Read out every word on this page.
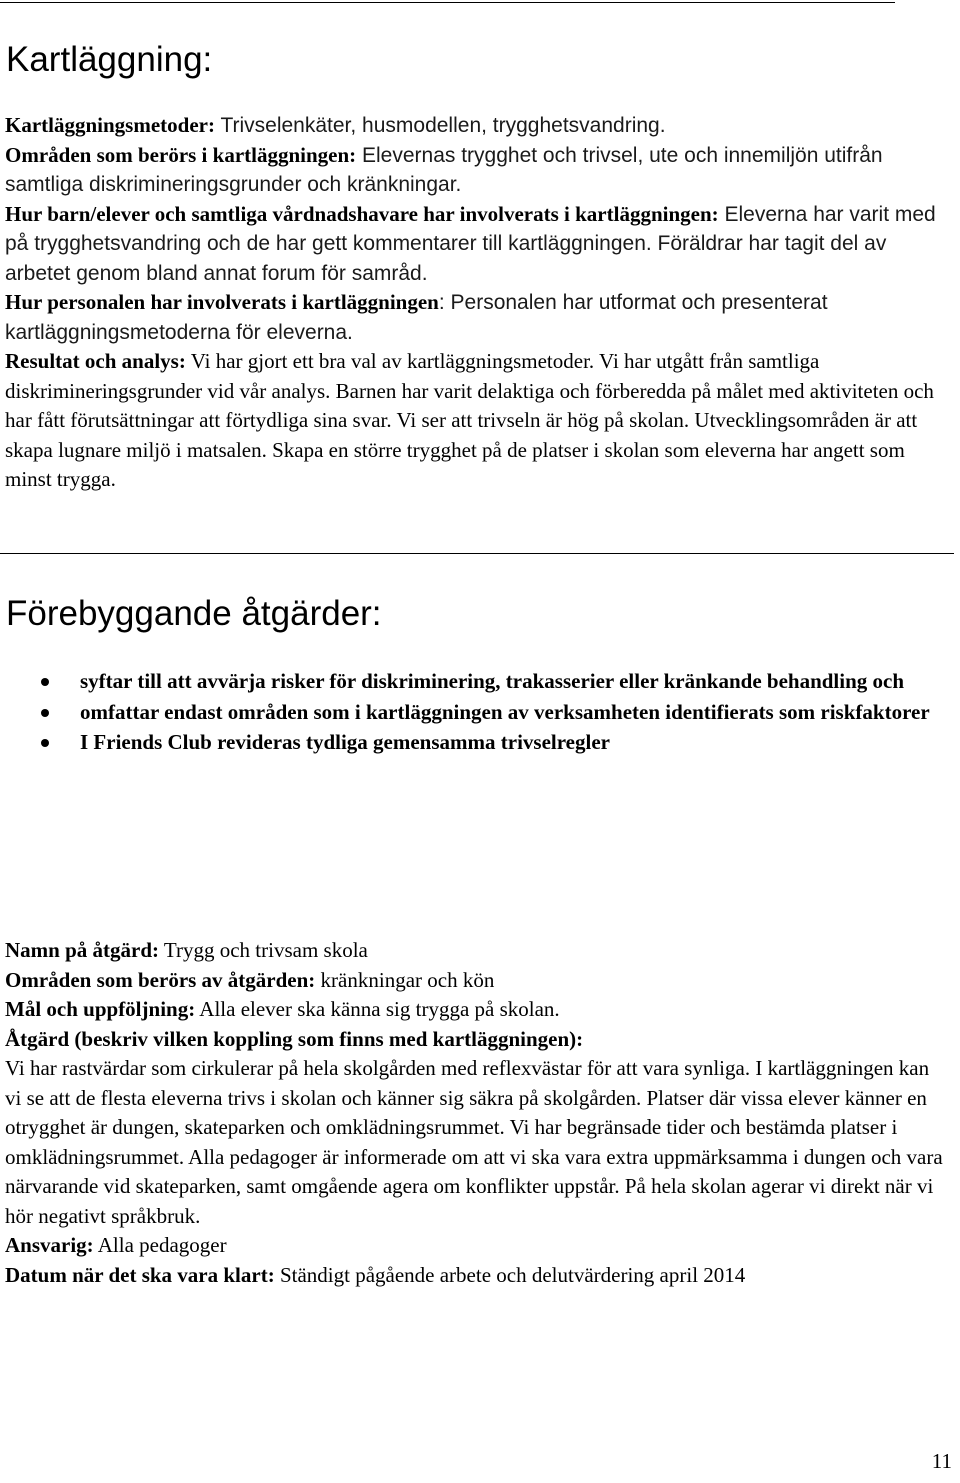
Kartläggning:

Kartläggningsmetoder: Trivselenkäter, husmodellen, trygghetsvandring.

Områden som berörs i kartläggningen: Elevernas trygghet och trivsel, ute och innemiljön utifrån samtliga diskrimineringsgrunder och kränkningar.

Hur barn/elever och samtliga vårdnadshavare har involverats i kartläggningen: Eleverna har varit med på trygghetsvandring och de har gett kommentarer till kartläggningen. Föräldrar har tagit del av arbetet genom bland annat forum för samråd.

Hur personalen har involverats i kartläggningen: Personalen har utformat och presenterat kartläggningsmetoderna för eleverna.

Resultat och analys: Vi har gjort ett bra val av kartläggningsmetoder. Vi har utgått från samtliga diskrimineringsgrunder vid vår analys. Barnen har varit delaktiga och förberedda på målet med aktiviteten och har fått förutsättningar att förtydliga sina svar. Vi ser att trivseln är hög på skolan. Utvecklingsområden är att skapa lugnare miljö i matsalen. Skapa en större trygghet på de platser i skolan som eleverna har angett som minst trygga.

Förebyggande åtgärder:
syftar till att avvärja risker för diskriminering, trakasserier eller kränkande behandling och
omfattar endast områden som i kartläggningen av verksamheten identifierats som riskfaktorer
I Friends Club revideras tydliga gemensamma trivselregler

Namn på åtgärd: Trygg och trivsam skola

Områden som berörs av åtgärden: kränkningar och kön

Mål och uppföljning: Alla elever ska känna sig trygga på skolan.

Åtgärd (beskriv vilken koppling som finns med kartläggningen):

Vi har rastvärdar som cirkulerar på hela skolgården med reflexvästar för att vara synliga. I kartläggningen kan vi se att de flesta eleverna trivs i skolan och känner sig säkra på skolgården. Platser där vissa elever känner en otrygghet är dungen, skateparken och omklädningsrummet. Vi har begränsade tider och bestämda platser i omklädningsrummet. Alla pedagoger är informerade om att vi ska vara extra uppmärksamma i dungen och vara närvarande vid skateparken, samt omgående agera om konflikter uppstår. På hela skolan agerar vi direkt när vi hör negativt språkbruk.

Ansvarig: Alla pedagoger

Datum när det ska vara klart: Ständigt pågående arbete och delutvärdering april 2014

11
